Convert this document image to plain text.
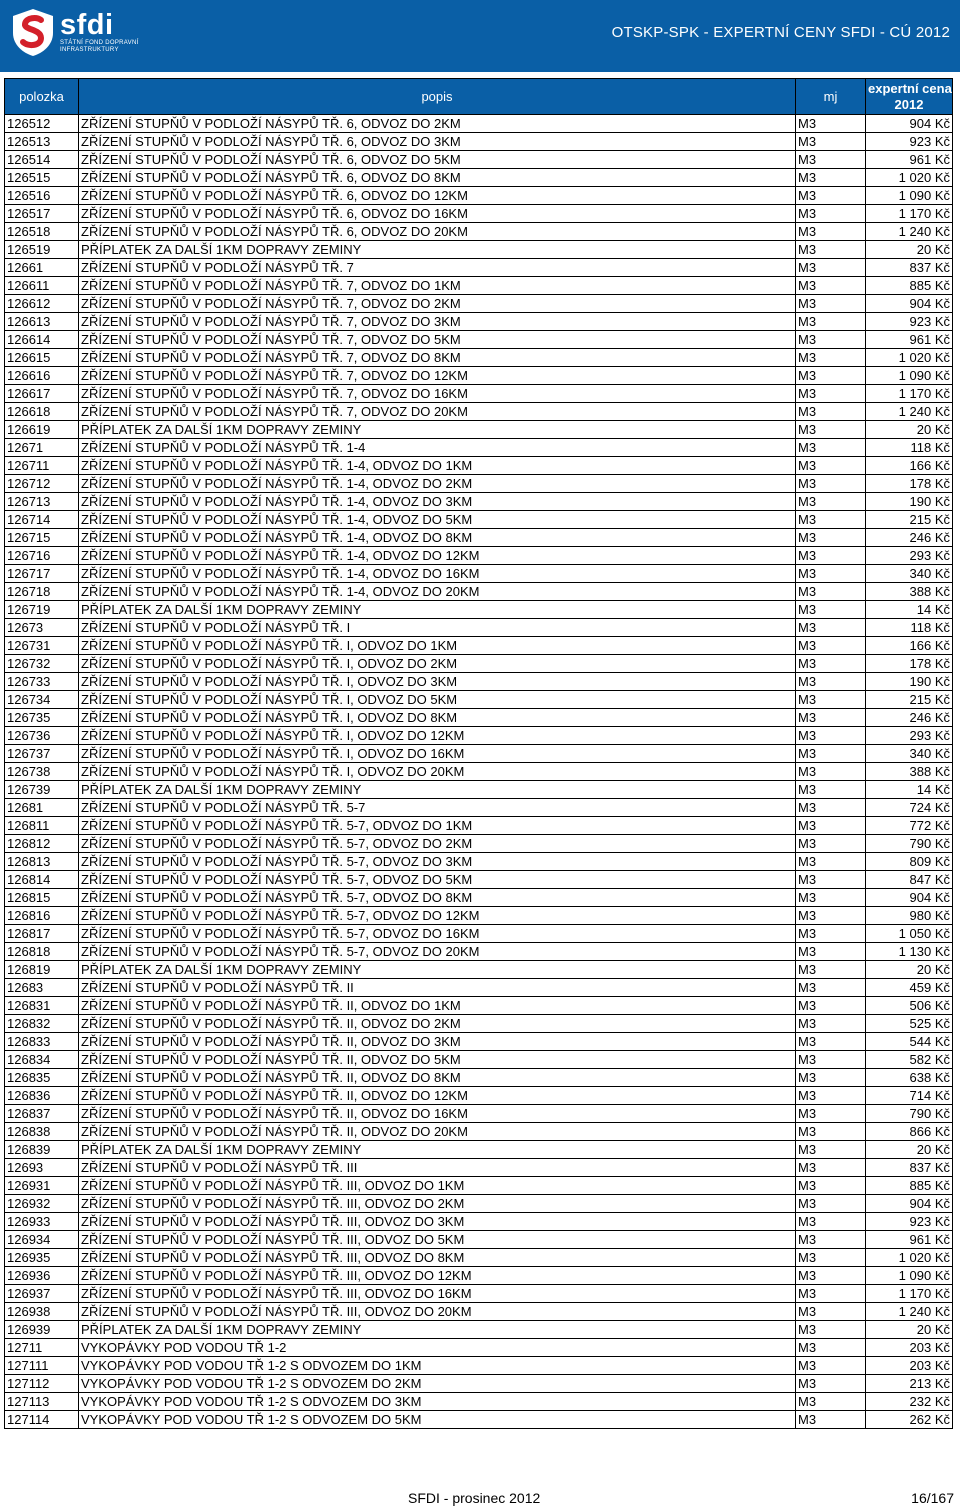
sfdi
STÁTNÍ FOND DOPRAVNÍ
INFRASTRUKTURY
OTSKP-SPK - EXPERTNÍ CENY SFDI - CÚ 2012
polozka	popis	mj	expertní cena
2012

126512	ZŘÍZENÍ STUPŇŮ V PODLOŽÍ NÁSYPŮ TŘ. 6, ODVOZ DO 2KM	M3	904 Kč
126513	ZŘÍZENÍ STUPŇŮ V PODLOŽÍ NÁSYPŮ TŘ. 6, ODVOZ DO 3KM	M3	923 Kč
126514	ZŘÍZENÍ STUPŇŮ V PODLOŽÍ NÁSYPŮ TŘ. 6, ODVOZ DO 5KM	M3	961 Kč
126515	ZŘÍZENÍ STUPŇŮ V PODLOŽÍ NÁSYPŮ TŘ. 6, ODVOZ DO 8KM	M3	1 020 Kč
126516	ZŘÍZENÍ STUPŇŮ V PODLOŽÍ NÁSYPŮ TŘ. 6, ODVOZ DO 12KM	M3	1 090 Kč
126517	ZŘÍZENÍ STUPŇŮ V PODLOŽÍ NÁSYPŮ TŘ. 6, ODVOZ DO 16KM	M3	1 170 Kč
126518	ZŘÍZENÍ STUPŇŮ V PODLOŽÍ NÁSYPŮ TŘ. 6, ODVOZ DO 20KM	M3	1 240 Kč
126519	PŘÍPLATEK ZA DALŠÍ 1KM DOPRAVY ZEMINY	M3	20 Kč
12661	ZŘÍZENÍ STUPŇŮ V PODLOŽÍ NÁSYPŮ TŘ. 7	M3	837 Kč
126611	ZŘÍZENÍ STUPŇŮ V PODLOŽÍ NÁSYPŮ TŘ. 7, ODVOZ DO 1KM	M3	885 Kč
126612	ZŘÍZENÍ STUPŇŮ V PODLOŽÍ NÁSYPŮ TŘ. 7, ODVOZ DO 2KM	M3	904 Kč
126613	ZŘÍZENÍ STUPŇŮ V PODLOŽÍ NÁSYPŮ TŘ. 7, ODVOZ DO 3KM	M3	923 Kč
126614	ZŘÍZENÍ STUPŇŮ V PODLOŽÍ NÁSYPŮ TŘ. 7, ODVOZ DO 5KM	M3	961 Kč
126615	ZŘÍZENÍ STUPŇŮ V PODLOŽÍ NÁSYPŮ TŘ. 7, ODVOZ DO 8KM	M3	1 020 Kč
126616	ZŘÍZENÍ STUPŇŮ V PODLOŽÍ NÁSYPŮ TŘ. 7, ODVOZ DO 12KM	M3	1 090 Kč
126617	ZŘÍZENÍ STUPŇŮ V PODLOŽÍ NÁSYPŮ TŘ. 7, ODVOZ DO 16KM	M3	1 170 Kč
126618	ZŘÍZENÍ STUPŇŮ V PODLOŽÍ NÁSYPŮ TŘ. 7, ODVOZ DO 20KM	M3	1 240 Kč
126619	PŘÍPLATEK ZA DALŠÍ 1KM DOPRAVY ZEMINY	M3	20 Kč
12671	ZŘÍZENÍ STUPŇŮ V PODLOŽÍ NÁSYPŮ TŘ. 1-4	M3	118 Kč
126711	ZŘÍZENÍ STUPŇŮ V PODLOŽÍ NÁSYPŮ TŘ. 1-4, ODVOZ DO 1KM	M3	166 Kč
126712	ZŘÍZENÍ STUPŇŮ V PODLOŽÍ NÁSYPŮ TŘ. 1-4, ODVOZ DO 2KM	M3	178 Kč
126713	ZŘÍZENÍ STUPŇŮ V PODLOŽÍ NÁSYPŮ TŘ. 1-4, ODVOZ DO 3KM	M3	190 Kč
126714	ZŘÍZENÍ STUPŇŮ V PODLOŽÍ NÁSYPŮ TŘ. 1-4, ODVOZ DO 5KM	M3	215 Kč
126715	ZŘÍZENÍ STUPŇŮ V PODLOŽÍ NÁSYPŮ TŘ. 1-4, ODVOZ DO 8KM	M3	246 Kč
126716	ZŘÍZENÍ STUPŇŮ V PODLOŽÍ NÁSYPŮ TŘ. 1-4, ODVOZ DO 12KM	M3	293 Kč
126717	ZŘÍZENÍ STUPŇŮ V PODLOŽÍ NÁSYPŮ TŘ. 1-4, ODVOZ DO 16KM	M3	340 Kč
126718	ZŘÍZENÍ STUPŇŮ V PODLOŽÍ NÁSYPŮ TŘ. 1-4, ODVOZ DO 20KM	M3	388 Kč
126719	PŘÍPLATEK ZA DALŠÍ 1KM DOPRAVY ZEMINY	M3	14 Kč
12673	ZŘÍZENÍ STUPŇŮ V PODLOŽÍ NÁSYPŮ TŘ. I	M3	118 Kč
126731	ZŘÍZENÍ STUPŇŮ V PODLOŽÍ NÁSYPŮ TŘ. I, ODVOZ DO 1KM	M3	166 Kč
126732	ZŘÍZENÍ STUPŇŮ V PODLOŽÍ NÁSYPŮ TŘ. I, ODVOZ DO 2KM	M3	178 Kč
126733	ZŘÍZENÍ STUPŇŮ V PODLOŽÍ NÁSYPŮ TŘ. I, ODVOZ DO 3KM	M3	190 Kč
126734	ZŘÍZENÍ STUPŇŮ V PODLOŽÍ NÁSYPŮ TŘ. I, ODVOZ DO 5KM	M3	215 Kč
126735	ZŘÍZENÍ STUPŇŮ V PODLOŽÍ NÁSYPŮ TŘ. I, ODVOZ DO 8KM	M3	246 Kč
126736	ZŘÍZENÍ STUPŇŮ V PODLOŽÍ NÁSYPŮ TŘ. I, ODVOZ DO 12KM	M3	293 Kč
126737	ZŘÍZENÍ STUPŇŮ V PODLOŽÍ NÁSYPŮ TŘ. I, ODVOZ DO 16KM	M3	340 Kč
126738	ZŘÍZENÍ STUPŇŮ V PODLOŽÍ NÁSYPŮ TŘ. I, ODVOZ DO 20KM	M3	388 Kč
126739	PŘÍPLATEK ZA DALŠÍ 1KM DOPRAVY ZEMINY	M3	14 Kč
12681	ZŘÍZENÍ STUPŇŮ V PODLOŽÍ NÁSYPŮ TŘ. 5-7	M3	724 Kč
126811	ZŘÍZENÍ STUPŇŮ V PODLOŽÍ NÁSYPŮ TŘ. 5-7, ODVOZ DO 1KM	M3	772 Kč
126812	ZŘÍZENÍ STUPŇŮ V PODLOŽÍ NÁSYPŮ TŘ. 5-7, ODVOZ DO 2KM	M3	790 Kč
126813	ZŘÍZENÍ STUPŇŮ V PODLOŽÍ NÁSYPŮ TŘ. 5-7, ODVOZ DO 3KM	M3	809 Kč
126814	ZŘÍZENÍ STUPŇŮ V PODLOŽÍ NÁSYPŮ TŘ. 5-7, ODVOZ DO 5KM	M3	847 Kč
126815	ZŘÍZENÍ STUPŇŮ V PODLOŽÍ NÁSYPŮ TŘ. 5-7, ODVOZ DO 8KM	M3	904 Kč
126816	ZŘÍZENÍ STUPŇŮ V PODLOŽÍ NÁSYPŮ TŘ. 5-7, ODVOZ DO 12KM	M3	980 Kč
126817	ZŘÍZENÍ STUPŇŮ V PODLOŽÍ NÁSYPŮ TŘ. 5-7, ODVOZ DO 16KM	M3	1 050 Kč
126818	ZŘÍZENÍ STUPŇŮ V PODLOŽÍ NÁSYPŮ TŘ. 5-7, ODVOZ DO 20KM	M3	1 130 Kč
126819	PŘÍPLATEK ZA DALŠÍ 1KM DOPRAVY ZEMINY	M3	20 Kč
12683	ZŘÍZENÍ STUPŇŮ V PODLOŽÍ NÁSYPŮ TŘ. II	M3	459 Kč
126831	ZŘÍZENÍ STUPŇŮ V PODLOŽÍ NÁSYPŮ TŘ. II, ODVOZ DO 1KM	M3	506 Kč
126832	ZŘÍZENÍ STUPŇŮ V PODLOŽÍ NÁSYPŮ TŘ. II, ODVOZ DO 2KM	M3	525 Kč
126833	ZŘÍZENÍ STUPŇŮ V PODLOŽÍ NÁSYPŮ TŘ. II, ODVOZ DO 3KM	M3	544 Kč
126834	ZŘÍZENÍ STUPŇŮ V PODLOŽÍ NÁSYPŮ TŘ. II, ODVOZ DO 5KM	M3	582 Kč
126835	ZŘÍZENÍ STUPŇŮ V PODLOŽÍ NÁSYPŮ TŘ. II, ODVOZ DO 8KM	M3	638 Kč
126836	ZŘÍZENÍ STUPŇŮ V PODLOŽÍ NÁSYPŮ TŘ. II, ODVOZ DO 12KM	M3	714 Kč
126837	ZŘÍZENÍ STUPŇŮ V PODLOŽÍ NÁSYPŮ TŘ. II, ODVOZ DO 16KM	M3	790 Kč
126838	ZŘÍZENÍ STUPŇŮ V PODLOŽÍ NÁSYPŮ TŘ. II, ODVOZ DO 20KM	M3	866 Kč
126839	PŘÍPLATEK ZA DALŠÍ 1KM DOPRAVY ZEMINY	M3	20 Kč
12693	ZŘÍZENÍ STUPŇŮ V PODLOŽÍ NÁSYPŮ TŘ. III	M3	837 Kč
126931	ZŘÍZENÍ STUPŇŮ V PODLOŽÍ NÁSYPŮ TŘ. III, ODVOZ DO 1KM	M3	885 Kč
126932	ZŘÍZENÍ STUPŇŮ V PODLOŽÍ NÁSYPŮ TŘ. III, ODVOZ DO 2KM	M3	904 Kč
126933	ZŘÍZENÍ STUPŇŮ V PODLOŽÍ NÁSYPŮ TŘ. III, ODVOZ DO 3KM	M3	923 Kč
126934	ZŘÍZENÍ STUPŇŮ V PODLOŽÍ NÁSYPŮ TŘ. III, ODVOZ DO 5KM	M3	961 Kč
126935	ZŘÍZENÍ STUPŇŮ V PODLOŽÍ NÁSYPŮ TŘ. III, ODVOZ DO 8KM	M3	1 020 Kč
126936	ZŘÍZENÍ STUPŇŮ V PODLOŽÍ NÁSYPŮ TŘ. III, ODVOZ DO 12KM	M3	1 090 Kč
126937	ZŘÍZENÍ STUPŇŮ V PODLOŽÍ NÁSYPŮ TŘ. III, ODVOZ DO 16KM	M3	1 170 Kč
126938	ZŘÍZENÍ STUPŇŮ V PODLOŽÍ NÁSYPŮ TŘ. III, ODVOZ DO 20KM	M3	1 240 Kč
126939	PŘÍPLATEK ZA DALŠÍ 1KM DOPRAVY ZEMINY	M3	20 Kč
12711	VYKOPÁVKY POD VODOU TŘ 1-2	M3	203 Kč
127111	VYKOPÁVKY POD VODOU TŘ 1-2 S ODVOZEM DO 1KM	M3	203 Kč
127112	VYKOPÁVKY POD VODOU TŘ 1-2 S ODVOZEM DO 2KM	M3	213 Kč
127113	VYKOPÁVKY POD VODOU TŘ 1-2 S ODVOZEM DO 3KM	M3	232 Kč
127114	VYKOPÁVKY POD VODOU TŘ 1-2 S ODVOZEM DO 5KM	M3	262 Kč
SFDI - prosinec 2012	16/167
